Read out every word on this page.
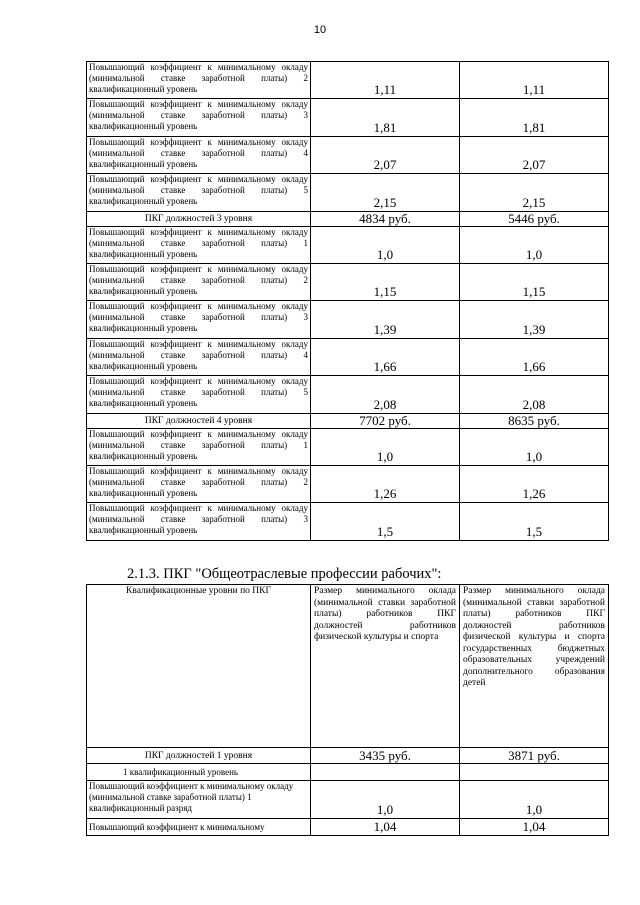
10
Повышающий коэффициент к минимальному окладу (минимальной ставке заработной платы) 2 квалификационный уровень	1,11	1,11
Повышающий коэффициент к минимальному окладу (минимальной ставке заработной платы) 3 квалификационный уровень	1,81	1,81
Повышающий коэффициент к минимальному окладу (минимальной ставке заработной платы) 4 квалификационный уровень	2,07	2,07
Повышающий коэффициент к минимальному окладу (минимальной ставке заработной платы) 5 квалификационный уровень	2,15	2,15
ПКГ должностей 3 уровня	4834 руб.	5446 руб.
Повышающий коэффициент к минимальному окладу (минимальной ставке заработной платы) 1 квалификационный уровень	1,0	1,0
Повышающий коэффициент к минимальному окладу (минимальной ставке заработной платы) 2 квалификационный уровень	1,15	1,15
Повышающий коэффициент к минимальному окладу (минимальной ставке заработной платы) 3 квалификационный уровень	1,39	1,39
Повышающий коэффициент к минимальному окладу (минимальной ставке заработной платы) 4 квалификационный уровень	1,66	1,66
Повышающий коэффициент к минимальному окладу (минимальной ставке заработной платы) 5 квалификационный уровень	2,08	2,08
ПКГ должностей 4 уровня	7702 руб.	8635 руб.
Повышающий коэффициент к минимальному окладу (минимальной ставке заработной платы) 1 квалификационный уровень	1,0	1,0
Повышающий коэффициент к минимальному окладу (минимальной ставке заработной платы) 2 квалификационный уровень	1,26	1,26
Повышающий коэффициент к минимальному окладу (минимальной ставке заработной платы) 3 квалификационный уровень	1,5	1,5
2.1.3. ПКГ "Общеотраслевые профессии рабочих":
Квалификационные уровни по ПКГ	Размер минимального оклада (минимальной ставки заработной платы) работников ПКГ должностей работников физической культуры и спорта	Размер минимального оклада (минимальной ставки заработной платы) работников ПКГ должностей работников физической культуры и спорта государственных бюджетных образовательных учреждений дополнительного образования детей
ПКГ должностей 1 уровня	3435 руб.	3871 руб.
1 квалификационный уровень		
Повышающий коэффициент к минимальному окладу (минимальной ставке заработной платы) 1 квалификационный разряд	1,0	1,0
Повышающий коэффициент к минимальному	1,04	1,04
